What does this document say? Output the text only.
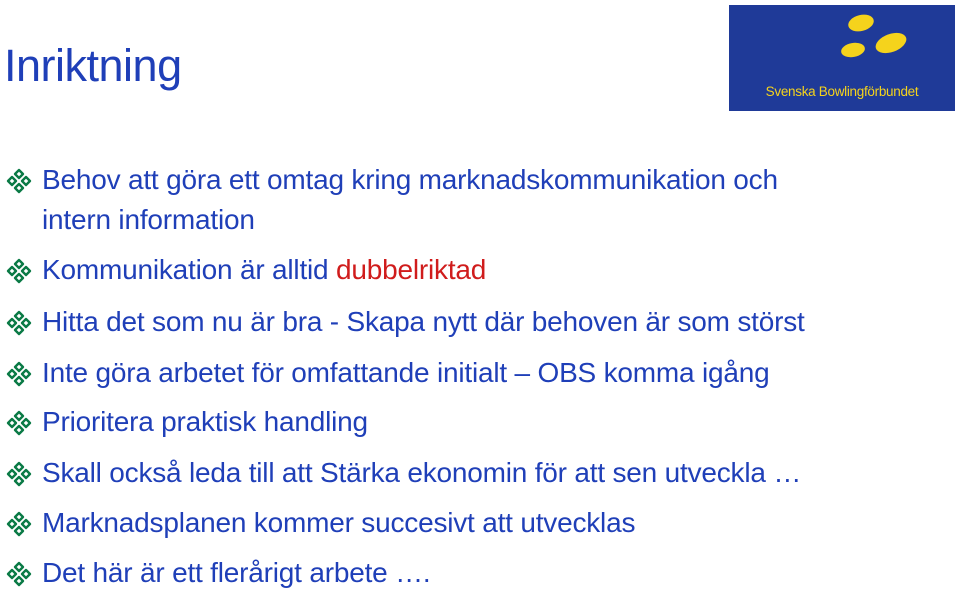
Inriktning
Svenska Bowlingförbundet
Behov att göra ett omtag kring marknadskommunikation och
intern information
Kommunikation är alltid dubbelriktad
Hitta det som nu är bra - Skapa nytt där behoven är som störst
Inte göra arbetet för omfattande initialt – OBS komma igång
Prioritera praktisk handling
Skall också leda till att Stärka ekonomin för att sen utveckla …
Marknadsplanen kommer succesivt att utvecklas
Det här är ett flerårigt arbete ….
